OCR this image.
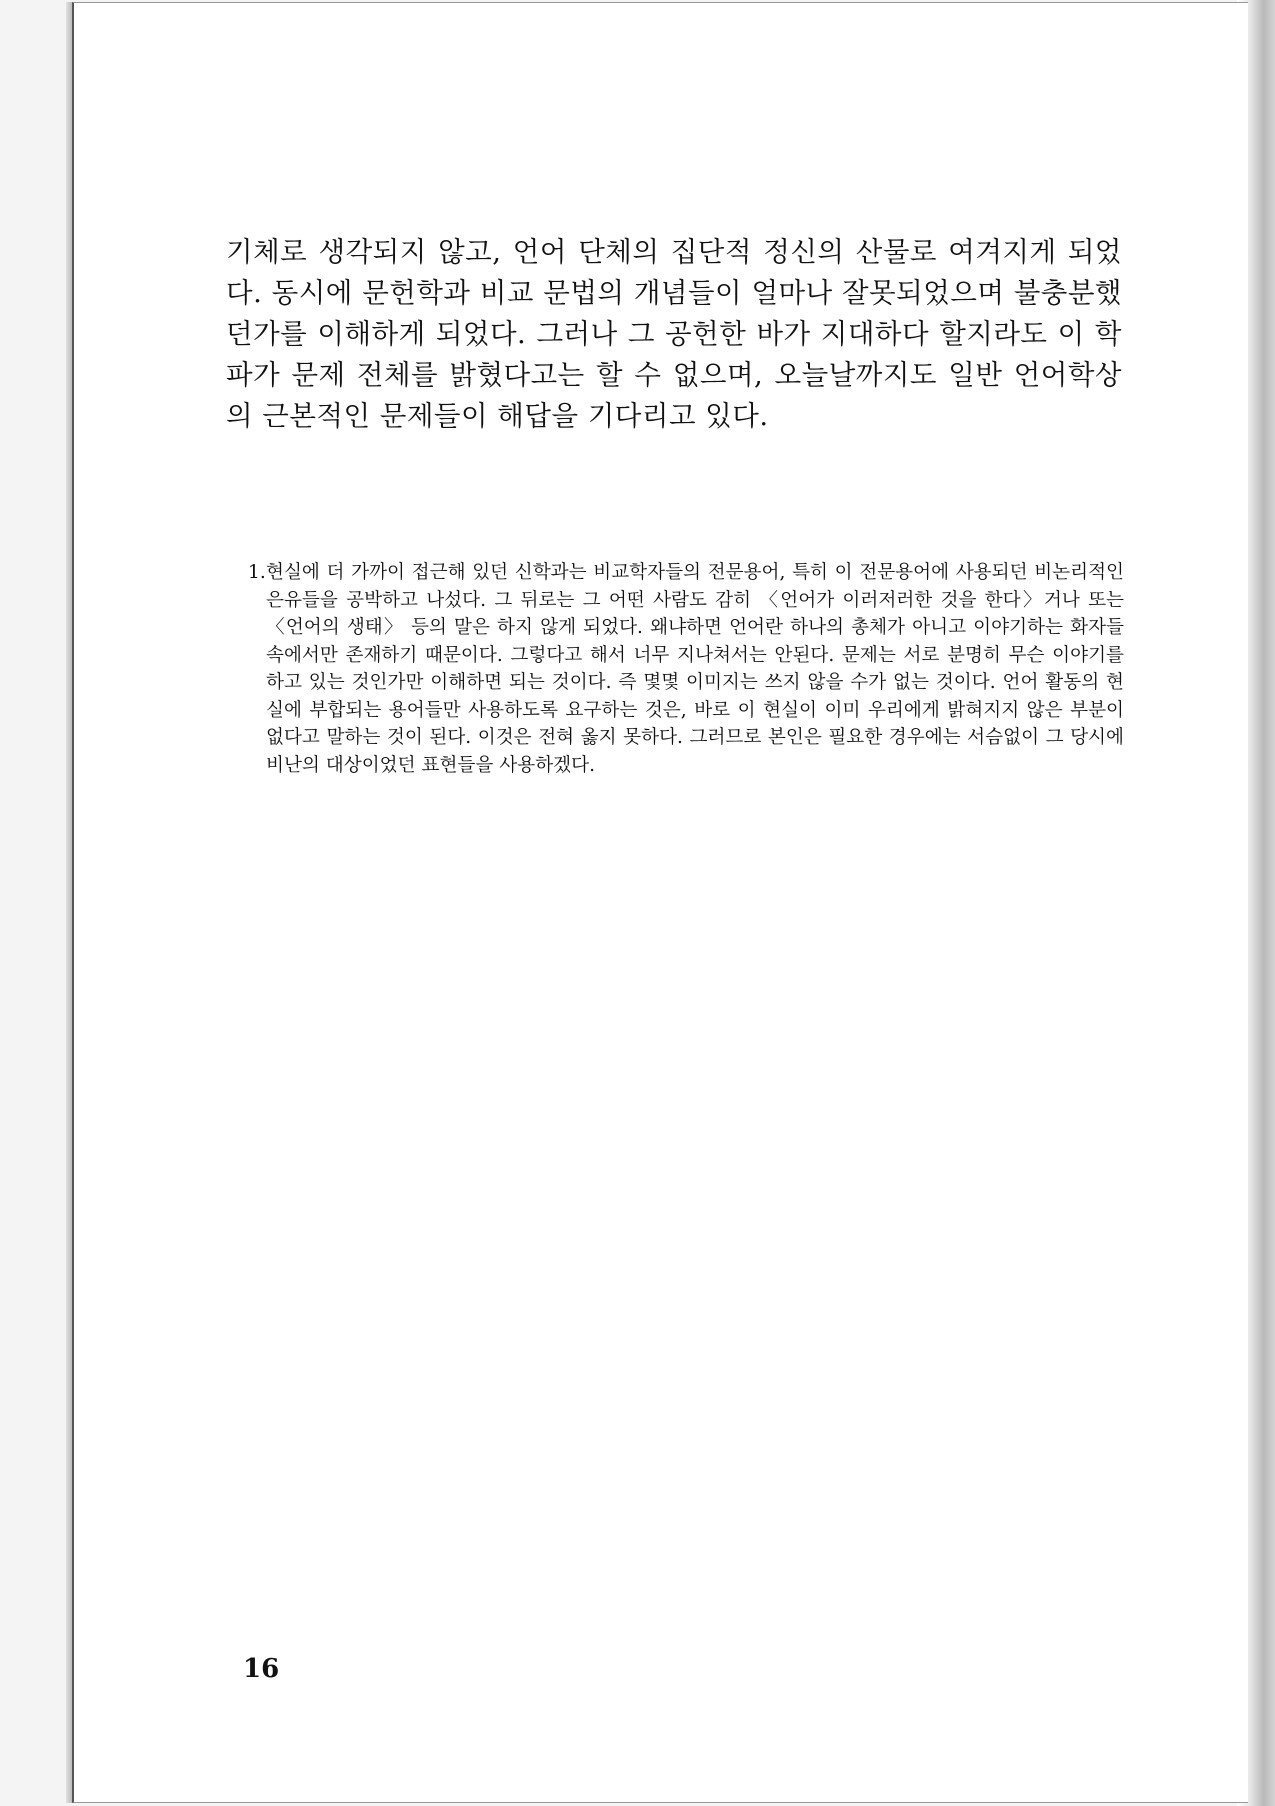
기체로 생각되지 않고, 언어 단체의 집단적 정신의 산물로 여겨지게 되었다. 동시에 문헌학과 비교 문법의 개념들이 얼마나 잘못되었으며 불충분했던가를 이해하게 되었다. 그러나 그 공헌한 바가 지대하다 할지라도 이 학파가 문제 전체를 밝혔다고는 할 수 없으며, 오늘날까지도 일반 언어학상의 근본적인 문제들이 해답을 기다리고 있다.

1. 현실에 더 가까이 접근해 있던 신학과는 비교학자들의 전문용어, 특히 이 전문용어에 사용되던 비논리적인 은유들을 공박하고 나섰다. 그 뒤로는 그 어떤 사람도 감히 〈언어가 이러저러한 것을 한다〉거나 또는 〈언어의 생태〉 등의 말은 하지 않게 되었다. 왜냐하면 언어란 하나의 총체가 아니고 이야기하는 화자들 속에서만 존재하기 때문이다. 그렇다고 해서 너무 지나쳐서는 안된다. 문제는 서로 분명히 무슨 이야기를 하고 있는 것인가만 이해하면 되는 것이다. 즉 몇몇 이미지는 쓰지 않을 수가 없는 것이다. 언어 활동의 현실에 부합되는 용어들만 사용하도록 요구하는 것은, 바로 이 현실이 이미 우리에게 밝혀지지 않은 부분이 없다고 말하는 것이 된다. 이것은 전혀 옳지 못하다. 그러므로 본인은 필요한 경우에는 서슴없이 그 당시에 비난의 대상이었던 표현들을 사용하겠다.

16
